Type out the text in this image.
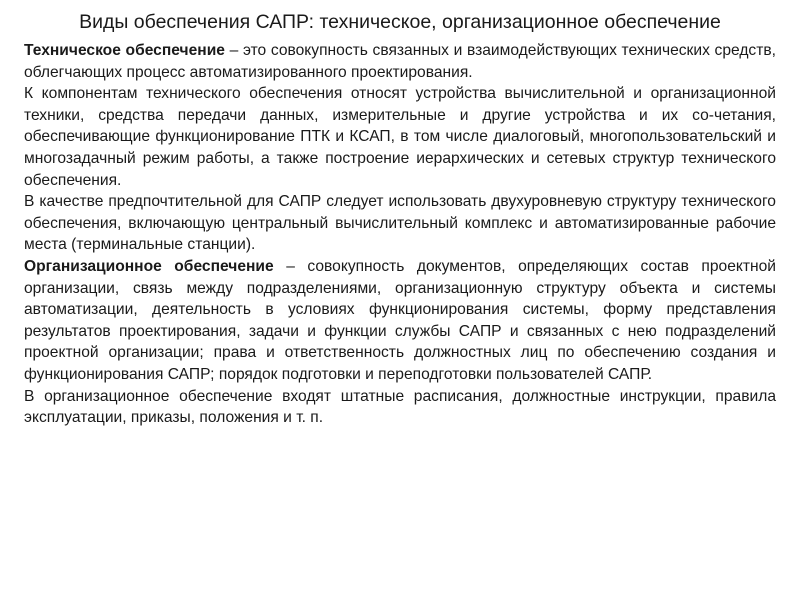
Виды обеспечения САПР: техническое, организационное обеспечение

Техническое обеспечение – это совокупность связанных и взаимодействующих технических средств, облегчающих процесс автоматизированного проектирования.

К компонентам технического обеспечения относят устройства вычислительной и организационной техники, средства передачи данных, измерительные и другие устройства и их со-четания, обеспечивающие функционирование ПТК и КСАП, в том числе диалоговый, многопользовательский и многозадачный режим работы, а также построение иерархических и сетевых структур технического обеспечения.

В качестве предпочтительной для САПР следует использовать двухуровневую структуру технического обеспечения, включающую центральный вычислительный комплекс и автоматизированные рабочие места (терминальные станции).

Организационное обеспечение – совокупность документов, определяющих состав проектной организации, связь между подразделениями, организационную структуру объекта и системы автоматизации, деятельность в условиях функционирования системы, форму представления результатов проектирования, задачи и функции службы САПР и связанных с нею подразделений проектной организации; права и ответственность должностных лиц по обеспечению создания и функционирования САПР; порядок подготовки и переподготовки пользователей САПР.

В организационное обеспечение входят штатные расписания, должностные инструкции, правила эксплуатации, приказы, положения и т. п.
